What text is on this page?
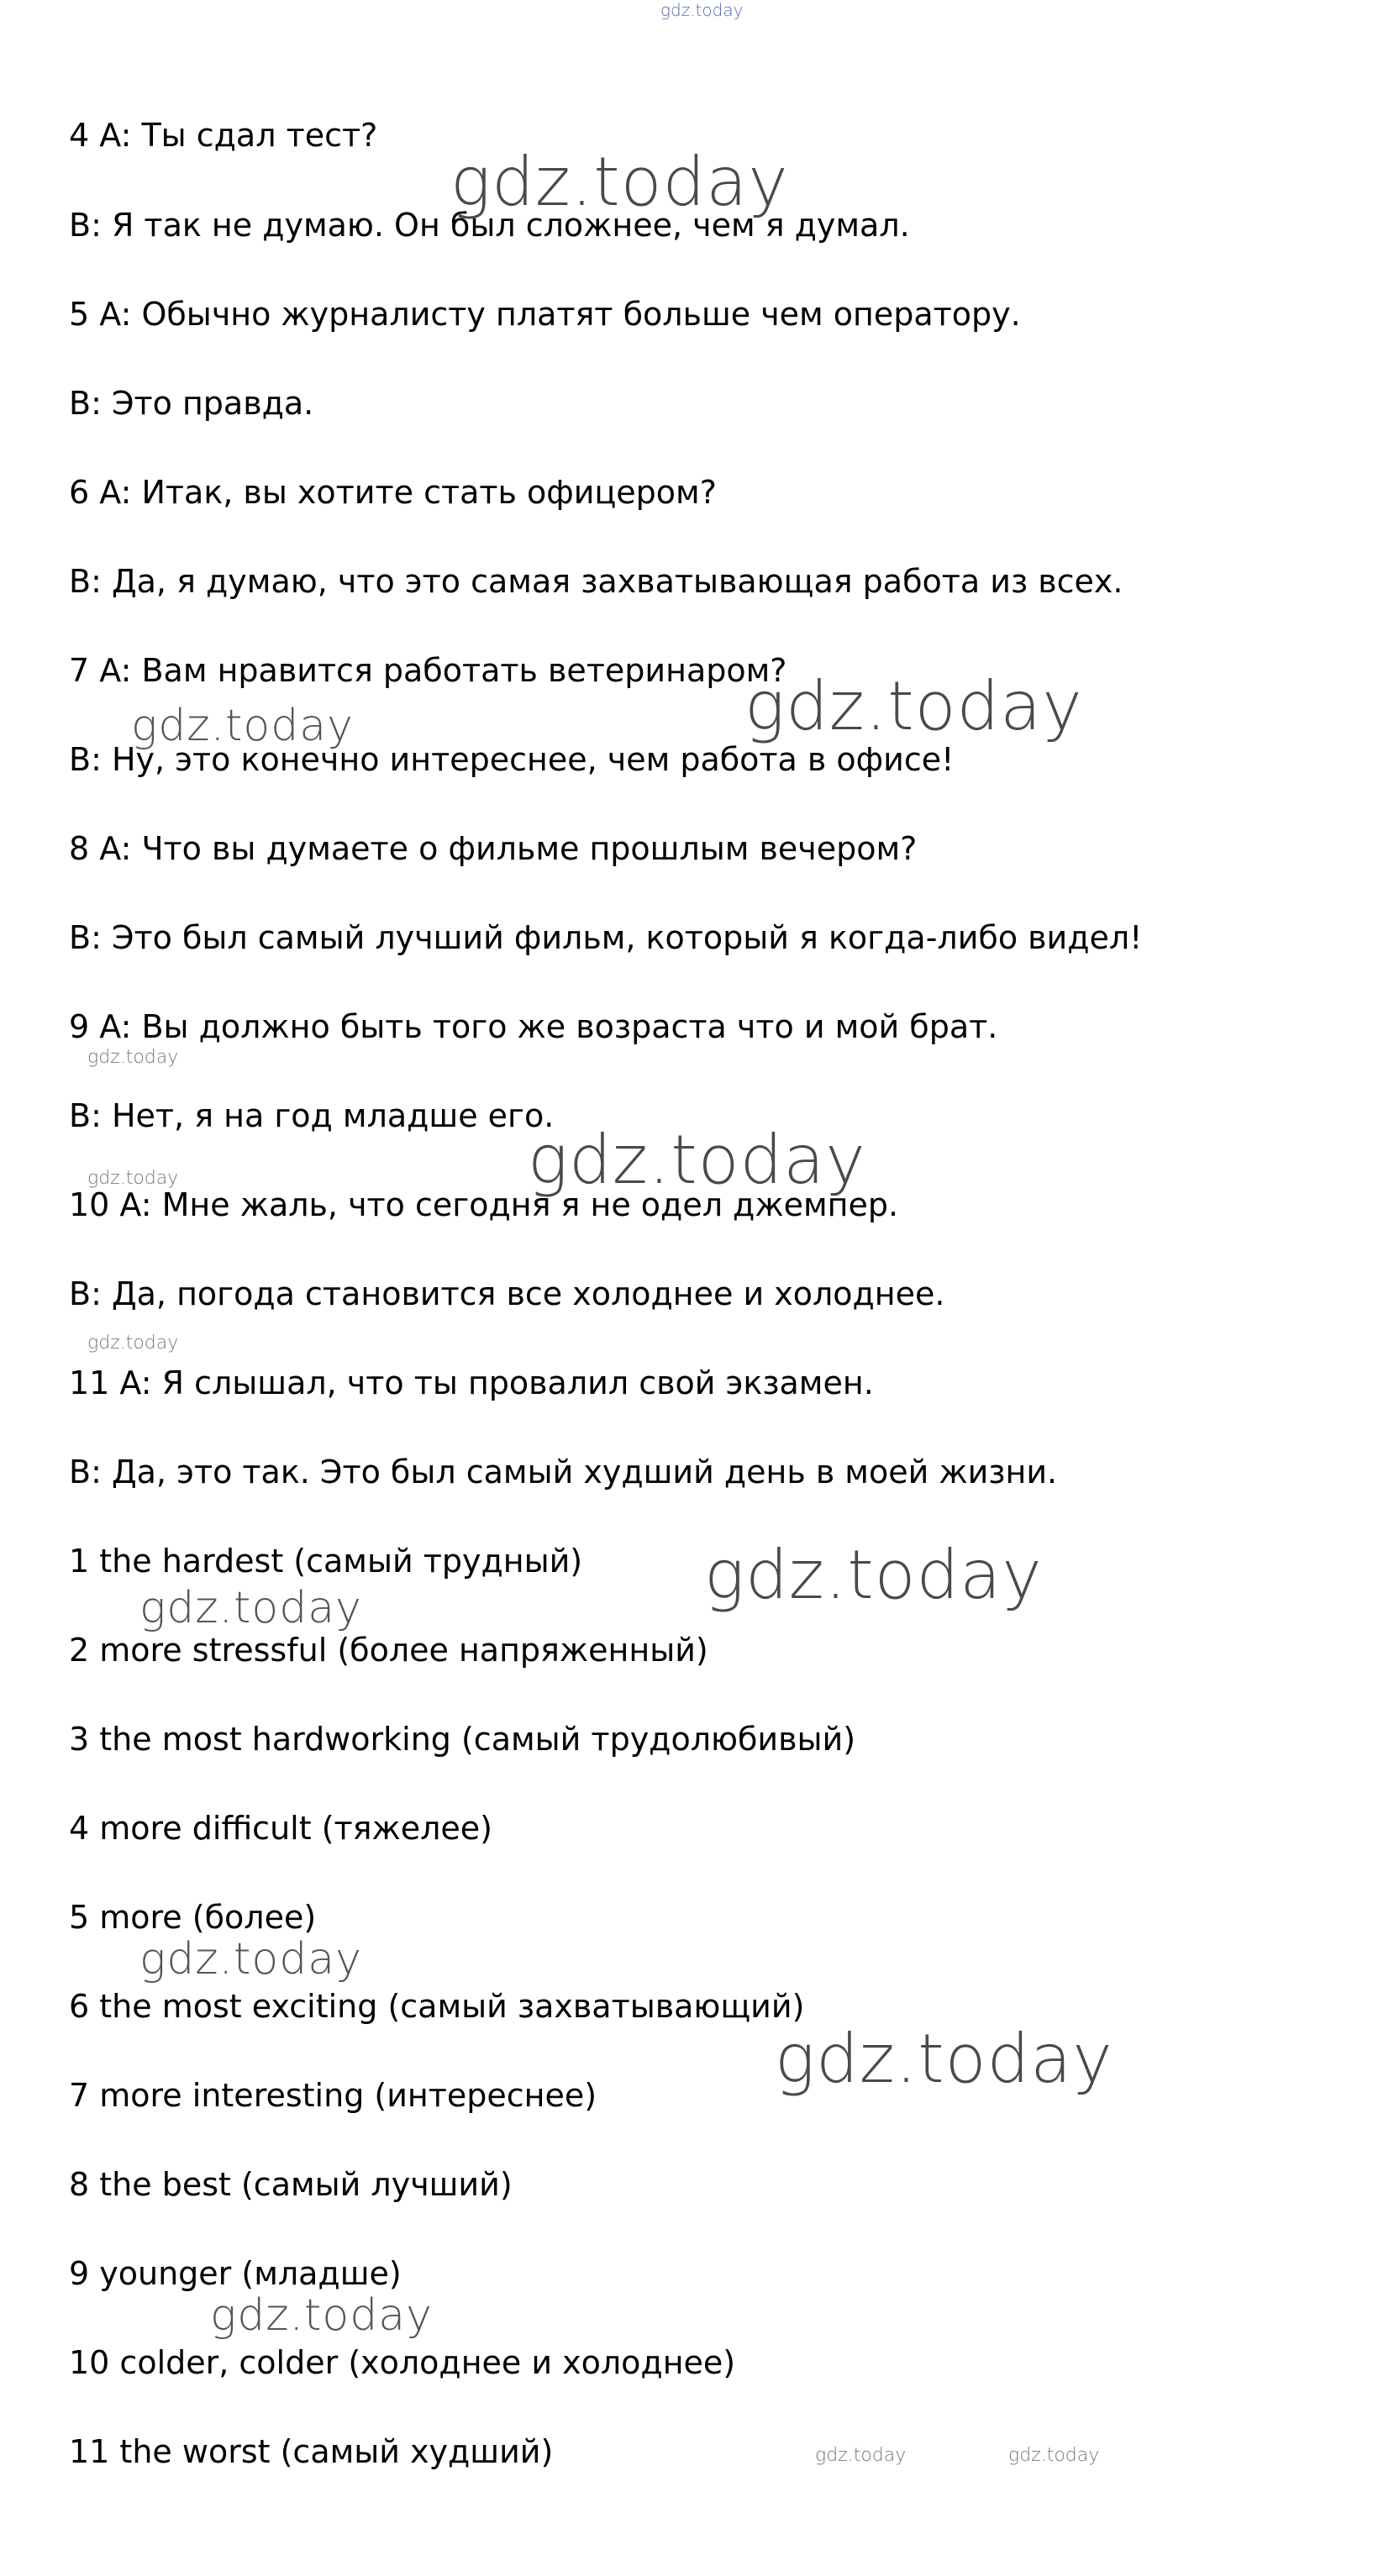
gdz.today
4 A: Ты сдал тест?
B: Я так не думаю. Он был сложнее, чем я думал.
5 A: Обычно журналисту платят больше чем оператору.
B: Это правда.
6 A: Итак, вы хотите стать офицером?
B: Да, я думаю, что это самая захватывающая работа из всех.
7 A: Вам нравится работать ветеринаром?
B: Ну, это конечно интереснее, чем работа в офисе!
8 A: Что вы думаете о фильме прошлым вечером?
B: Это был самый лучший фильм, который я когда-либо видел!
9 A: Вы должно быть того же возраста что и мой брат.
B: Нет, я на год младше его.
10 A: Мне жаль, что сегодня я не одел джемпер.
B: Да, погода становится все холоднее и холоднее.
11 A: Я слышал, что ты провалил свой экзамен.
B: Да, это так. Это был самый худший день в моей жизни.
1 the hardest (самый трудный)
2 more stressful (более напряженный)
3 the most hardworking (самый трудолюбивый)
4 more difficult (тяжелее)
5 more (более)
6 the most exciting (самый захватывающий)
7 more interesting (интереснее)
8 the best (самый лучший)
9 younger (младше)
10 colder, colder (холоднее и холоднее)
11 the worst (самый худший)
gdz.today
gdz.today
gdz.today
gdz.today
gdz.today
gdz.today
gdz.today
gdz.today
gdz.today
gdz.today
gdz.today
gdz.today
gdz.today	gdz.today
